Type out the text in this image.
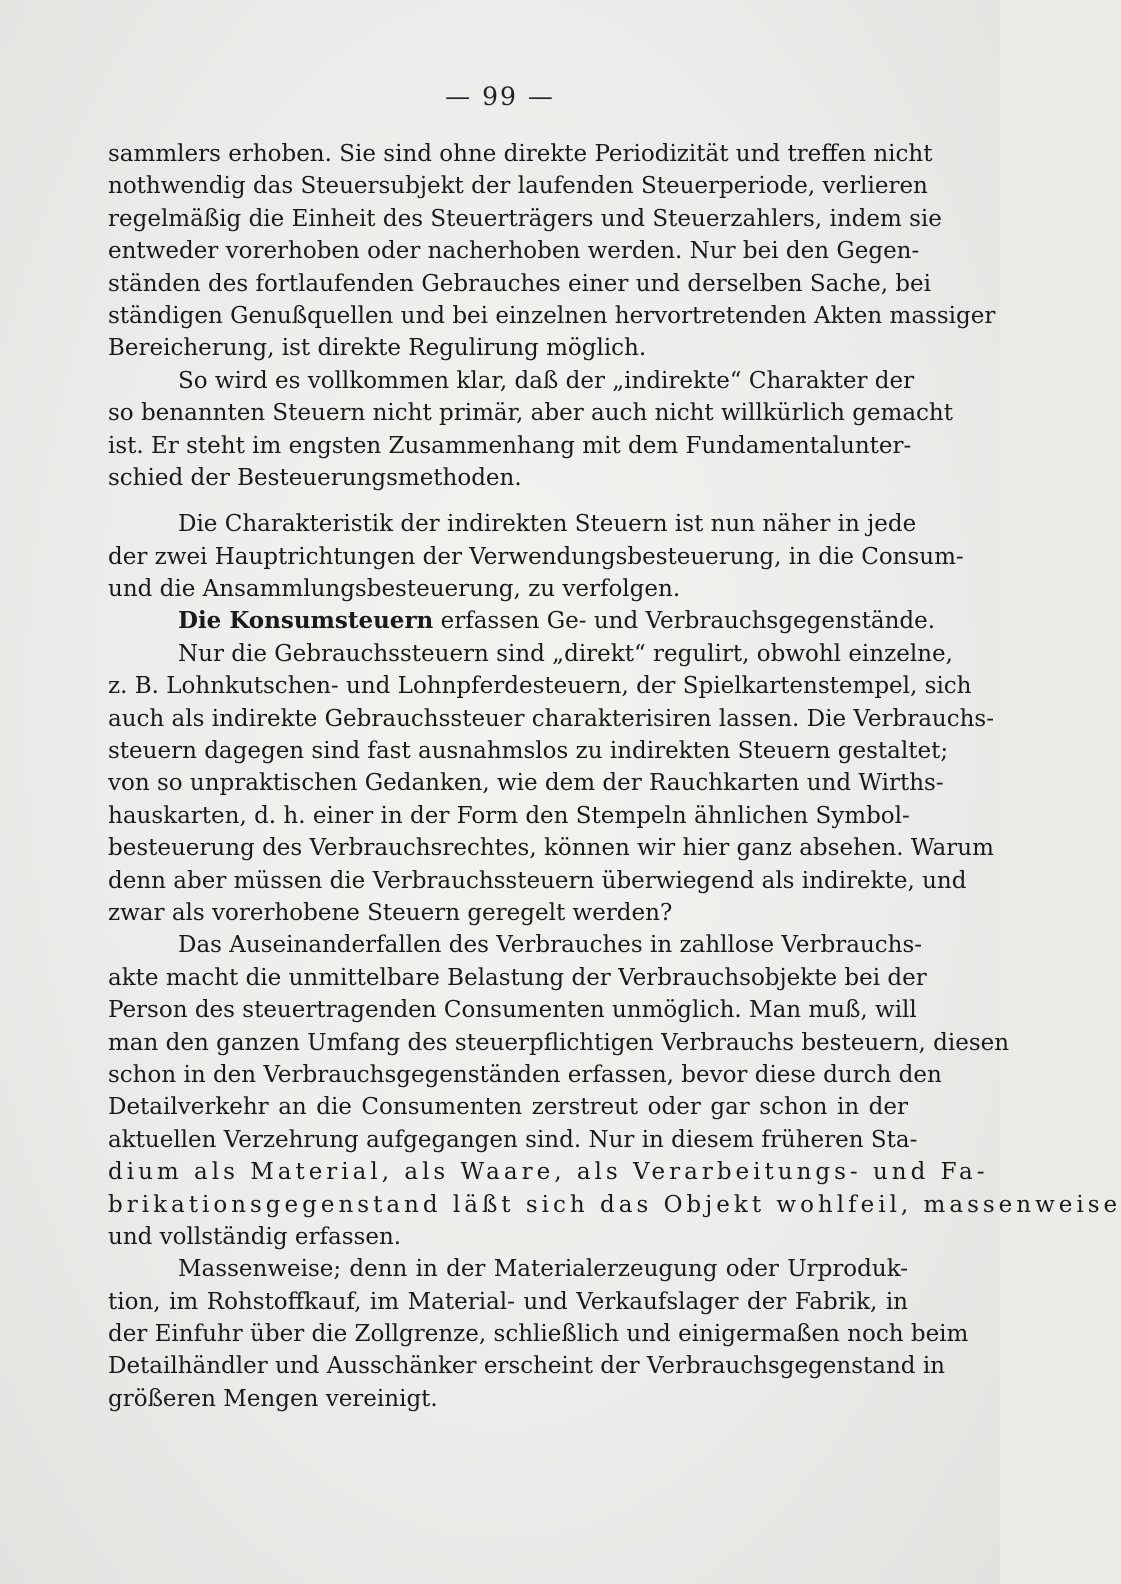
— 99 —
sammlers erhoben. Sie sind ohne direkte Periodizität und treffen nicht
nothwendig das Steuersubjekt der laufenden Steuerperiode, verlieren
regelmäßig die Einheit des Steuerträgers und Steuerzahlers, indem sie
entweder vorerhoben oder nacherhoben werden. Nur bei den Gegen-
ständen des fortlaufenden Gebrauches einer und derselben Sache, bei
ständigen Genußquellen und bei einzelnen hervortretenden Akten massiger
Bereicherung, ist direkte Regulirung möglich.
So wird es vollkommen klar, daß der „indirekte“ Charakter der
so benannten Steuern nicht primär, aber auch nicht willkürlich gemacht
ist. Er steht im engsten Zusammenhang mit dem Fundamentalunter-
schied der Besteuerungsmethoden.
Die Charakteristik der indirekten Steuern ist nun näher in jede
der zwei Hauptrichtungen der Verwendungsbesteuerung, in die Consum-
und die Ansammlungsbesteuerung, zu verfolgen.
Die Konsumsteuern erfassen Ge- und Verbrauchsgegenstände.
Nur die Gebrauchssteuern sind „direkt“ regulirt, obwohl einzelne,
z. B. Lohnkutschen- und Lohnpferdesteuern, der Spielkartenstempel, sich
auch als indirekte Gebrauchssteuer charakterisiren lassen. Die Verbrauchs-
steuern dagegen sind fast ausnahmslos zu indirekten Steuern gestaltet;
von so unpraktischen Gedanken, wie dem der Rauchkarten und Wirths-
hauskarten, d. h. einer in der Form den Stempeln ähnlichen Symbol-
besteuerung des Verbrauchsrechtes, können wir hier ganz absehen. Warum
denn aber müssen die Verbrauchssteuern überwiegend als indirekte, und
zwar als vorerhobene Steuern geregelt werden?
Das Auseinanderfallen des Verbrauches in zahllose Verbrauchs-
akte macht die unmittelbare Belastung der Verbrauchsobjekte bei der
Person des steuertragenden Consumenten unmöglich. Man muß, will
man den ganzen Umfang des steuerpflichtigen Verbrauchs besteuern, diesen
schon in den Verbrauchsgegenständen erfassen, bevor diese durch den
Detailverkehr an die Consumenten zerstreut oder gar schon in der
aktuellen Verzehrung aufgegangen sind. Nur in diesem früheren Sta-
dium als Material, als Waare, als Verarbeitungs- und Fa-
brikationsgegenstand läßt sich das Objekt wohlfeil, massenweise
und vollständig erfassen.
Massenweise; denn in der Materialerzeugung oder Urproduk-
tion, im Rohstoffkauf, im Material- und Verkaufslager der Fabrik, in
der Einfuhr über die Zollgrenze, schließlich und einigermaßen noch beim
Detailhändler und Ausschänker erscheint der Verbrauchsgegenstand in
größeren Mengen vereinigt.
